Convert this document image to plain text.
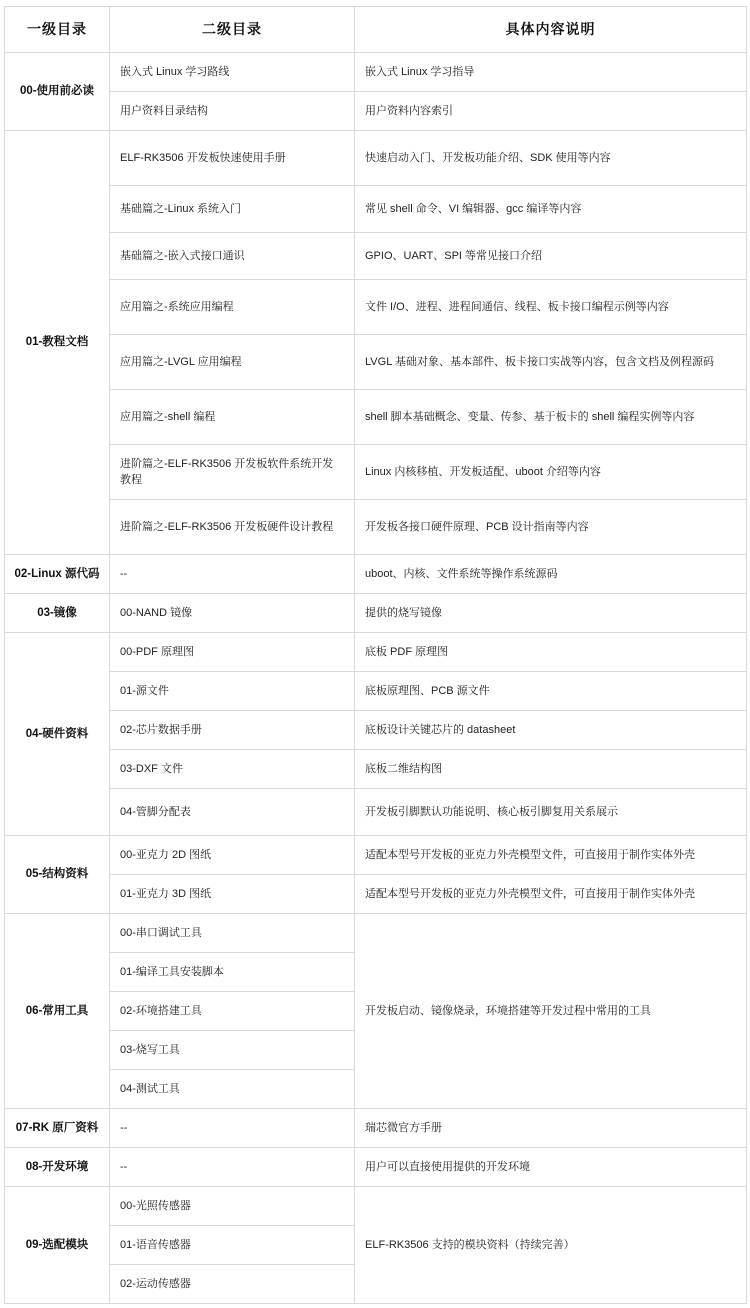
一级目录	二级目录	具体内容说明
00-使用前必读	嵌入式 Linux 学习路线	嵌入式 Linux 学习指导
	用户资料目录结构	用户资料内容索引
01-教程文档	ELF-RK3506 开发板快速使用手册	快速启动入门、开发板功能介绍、SDK 使用等内容
	基础篇之-Linux 系统入门	常见 shell 命令、VI 编辑器、gcc 编译等内容
	基础篇之-嵌入式接口通识	GPIO、UART、SPI 等常见接口介绍
	应用篇之-系统应用编程	文件 I/O、进程、进程间通信、线程、板卡接口编程示例等内容
	应用篇之-LVGL 应用编程	LVGL 基础对象、基本部件、板卡接口实战等内容，包含文档及例程源码
	应用篇之-shell 编程	shell 脚本基础概念、变量、传参、基于板卡的 shell 编程实例等内容
	进阶篇之-ELF-RK3506 开发板软件系统开发教程	Linux 内核移植、开发板适配、uboot 介绍等内容
	进阶篇之-ELF-RK3506 开发板硬件设计教程	开发板各接口硬件原理、PCB 设计指南等内容
02-Linux 源代码	--	uboot、内核、文件系统等操作系统源码
03-镜像	00-NAND 镜像	提供的烧写镜像
04-硬件资料	00-PDF 原理图	底板 PDF 原理图
	01-源文件	底板原理图、PCB 源文件
	02-芯片数据手册	底板设计关键芯片的 datasheet
	03-DXF 文件	底板二维结构图
	04-管脚分配表	开发板引脚默认功能说明、核心板引脚复用关系展示
05-结构资料	00-亚克力 2D 图纸	适配本型号开发板的亚克力外壳模型文件，可直接用于制作实体外壳
	01-亚克力 3D 图纸	适配本型号开发板的亚克力外壳模型文件，可直接用于制作实体外壳
06-常用工具	00-串口调试工具	开发板启动、镜像烧录，环境搭建等开发过程中常用的工具
	01-编译工具安装脚本	
	02-环境搭建工具	
	03-烧写工具	
	04-测试工具	
07-RK 原厂资料	--	瑞芯微官方手册
08-开发环境	--	用户可以直接使用提供的开发环境
09-选配模块	00-光照传感器	ELF-RK3506 支持的模块资料（持续完善）
	01-语音传感器	
	02-运动传感器	
